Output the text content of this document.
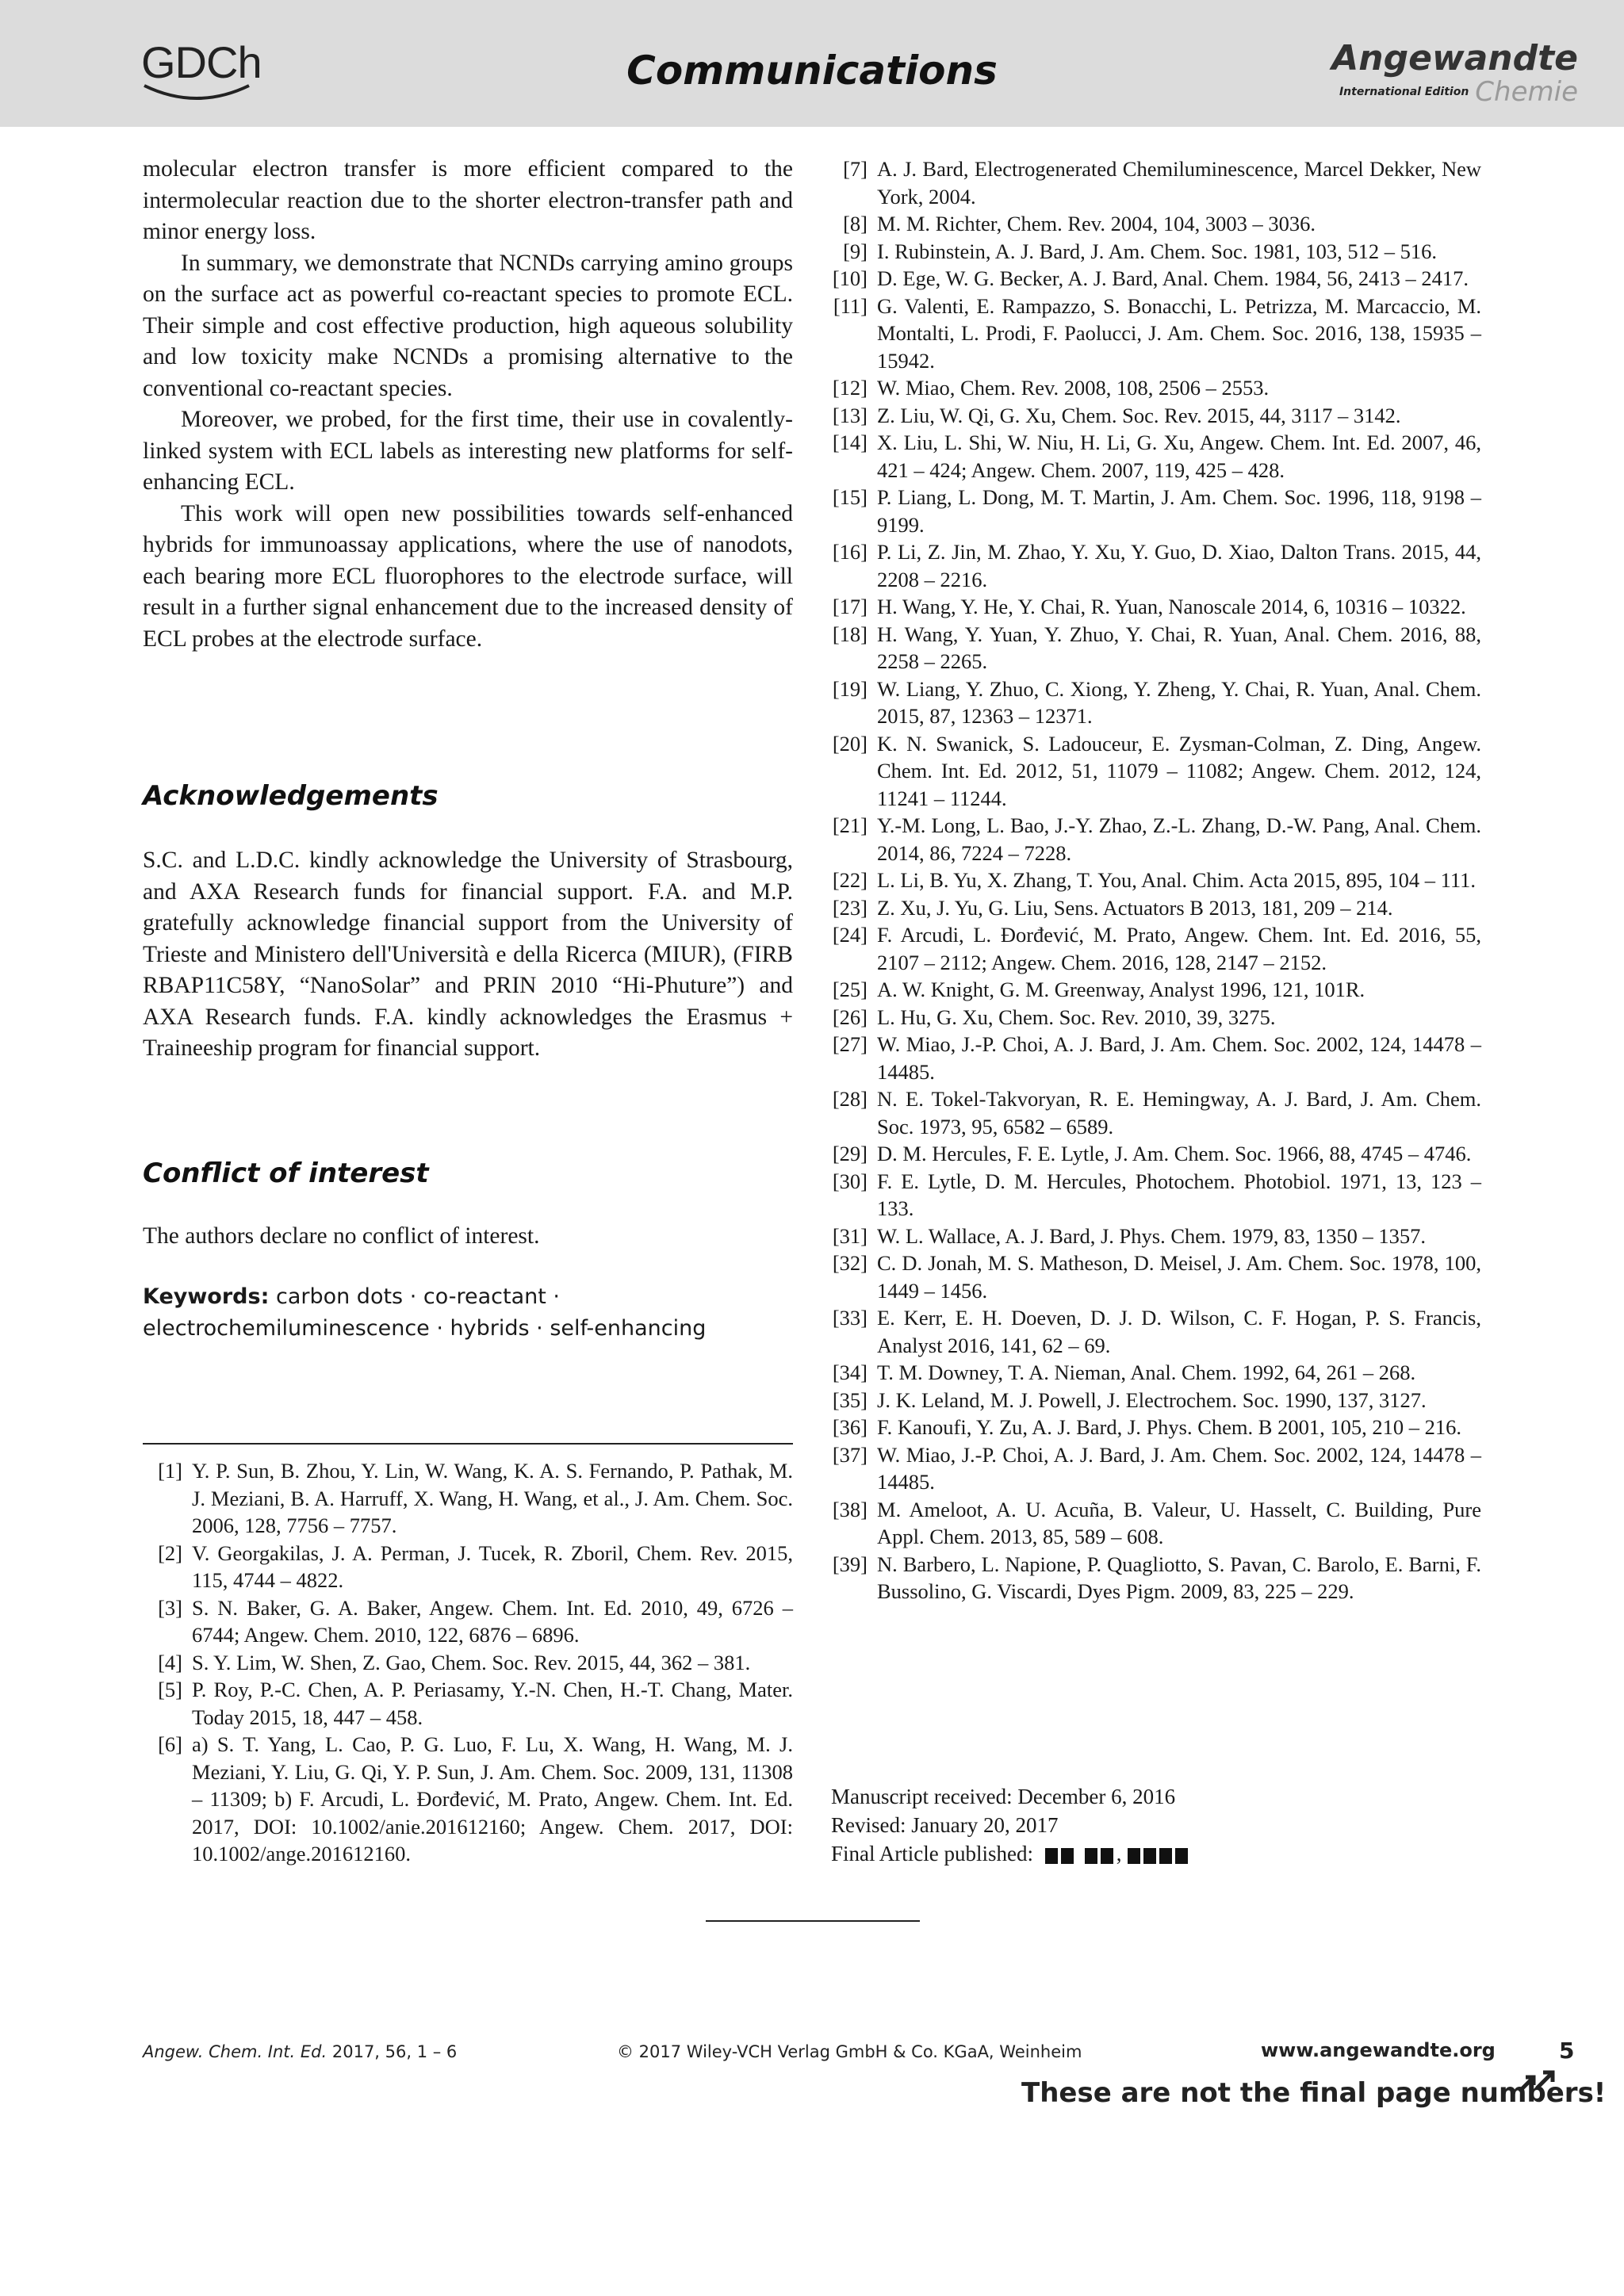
GDCh	Communications	Angewandte
International Edition Chemie

molecular electron transfer is more efficient compared to the intermolecular reaction due to the shorter electron-transfer path and minor energy loss.

In summary, we demonstrate that NCNDs carrying amino groups on the surface act as powerful co-reactant species to promote ECL. Their simple and cost effective production, high aqueous solubility and low toxicity make NCNDs a promising alternative to the conventional co-reactant species.

Moreover, we probed, for the first time, their use in covalently-linked system with ECL labels as interesting new platforms for self-enhancing ECL.

This work will open new possibilities towards self-enhanced hybrids for immunoassay applications, where the use of nanodots, each bearing more ECL fluorophores to the electrode surface, will result in a further signal enhancement due to the increased density of ECL probes at the electrode surface.

Acknowledgements

S.C. and L.D.C. kindly acknowledge the University of Strasbourg, and AXA Research funds for financial support. F.A. and M.P. gratefully acknowledge financial support from the University of Trieste and Ministero dell'Università e della Ricerca (MIUR), (FIRB RBAP11C58Y, “NanoSolar” and PRIN 2010 “Hi-Phuture”) and AXA Research funds. F.A. kindly acknowledges the Erasmus + Traineeship program for financial support.

Conflict of interest

The authors declare no conflict of interest.

Keywords: carbon dots · co-reactant · electrochemiluminescence · hybrids · self-enhancing
[1] Y. P. Sun, B. Zhou, Y. Lin, W. Wang, K. A. S. Fernando, P. Pathak, M. J. Meziani, B. A. Harruff, X. Wang, H. Wang, et al., J. Am. Chem. Soc. 2006, 128, 7756 – 7757.
[2] V. Georgakilas, J. A. Perman, J. Tucek, R. Zboril, Chem. Rev. 2015, 115, 4744 – 4822.
[3] S. N. Baker, G. A. Baker, Angew. Chem. Int. Ed. 2010, 49, 6726 – 6744; Angew. Chem. 2010, 122, 6876 – 6896.
[4] S. Y. Lim, W. Shen, Z. Gao, Chem. Soc. Rev. 2015, 44, 362 – 381.
[5] P. Roy, P.-C. Chen, A. P. Periasamy, Y.-N. Chen, H.-T. Chang, Mater. Today 2015, 18, 447 – 458.
[6] a) S. T. Yang, L. Cao, P. G. Luo, F. Lu, X. Wang, H. Wang, M. J. Meziani, Y. Liu, G. Qi, Y. P. Sun, J. Am. Chem. Soc. 2009, 131, 11308 – 11309; b) F. Arcudi, L. Đorđević, M. Prato, Angew. Chem. Int. Ed. 2017, DOI: 10.1002/anie.201612160; Angew. Chem. 2017, DOI: 10.1002/ange.201612160.
[7] A. J. Bard, Electrogenerated Chemiluminescence, Marcel Dekker, New York, 2004.
[8] M. M. Richter, Chem. Rev. 2004, 104, 3003 – 3036.
[9] I. Rubinstein, A. J. Bard, J. Am. Chem. Soc. 1981, 103, 512 – 516.
[10] D. Ege, W. G. Becker, A. J. Bard, Anal. Chem. 1984, 56, 2413 – 2417.
[11] G. Valenti, E. Rampazzo, S. Bonacchi, L. Petrizza, M. Marcaccio, M. Montalti, L. Prodi, F. Paolucci, J. Am. Chem. Soc. 2016, 138, 15935 – 15942.
[12] W. Miao, Chem. Rev. 2008, 108, 2506 – 2553.
[13] Z. Liu, W. Qi, G. Xu, Chem. Soc. Rev. 2015, 44, 3117 – 3142.
[14] X. Liu, L. Shi, W. Niu, H. Li, G. Xu, Angew. Chem. Int. Ed. 2007, 46, 421 – 424; Angew. Chem. 2007, 119, 425 – 428.
[15] P. Liang, L. Dong, M. T. Martin, J. Am. Chem. Soc. 1996, 118, 9198 – 9199.
[16] P. Li, Z. Jin, M. Zhao, Y. Xu, Y. Guo, D. Xiao, Dalton Trans. 2015, 44, 2208 – 2216.
[17] H. Wang, Y. He, Y. Chai, R. Yuan, Nanoscale 2014, 6, 10316 – 10322.
[18] H. Wang, Y. Yuan, Y. Zhuo, Y. Chai, R. Yuan, Anal. Chem. 2016, 88, 2258 – 2265.
[19] W. Liang, Y. Zhuo, C. Xiong, Y. Zheng, Y. Chai, R. Yuan, Anal. Chem. 2015, 87, 12363 – 12371.
[20] K. N. Swanick, S. Ladouceur, E. Zysman-Colman, Z. Ding, Angew. Chem. Int. Ed. 2012, 51, 11079 – 11082; Angew. Chem. 2012, 124, 11241 – 11244.
[21] Y.-M. Long, L. Bao, J.-Y. Zhao, Z.-L. Zhang, D.-W. Pang, Anal. Chem. 2014, 86, 7224 – 7228.
[22] L. Li, B. Yu, X. Zhang, T. You, Anal. Chim. Acta 2015, 895, 104 – 111.
[23] Z. Xu, J. Yu, G. Liu, Sens. Actuators B 2013, 181, 209 – 214.
[24] F. Arcudi, L. Đorđević, M. Prato, Angew. Chem. Int. Ed. 2016, 55, 2107 – 2112; Angew. Chem. 2016, 128, 2147 – 2152.
[25] A. W. Knight, G. M. Greenway, Analyst 1996, 121, 101R.
[26] L. Hu, G. Xu, Chem. Soc. Rev. 2010, 39, 3275.
[27] W. Miao, J.-P. Choi, A. J. Bard, J. Am. Chem. Soc. 2002, 124, 14478 – 14485.
[28] N. E. Tokel-Takvoryan, R. E. Hemingway, A. J. Bard, J. Am. Chem. Soc. 1973, 95, 6582 – 6589.
[29] D. M. Hercules, F. E. Lytle, J. Am. Chem. Soc. 1966, 88, 4745 – 4746.
[30] F. E. Lytle, D. M. Hercules, Photochem. Photobiol. 1971, 13, 123 – 133.
[31] W. L. Wallace, A. J. Bard, J. Phys. Chem. 1979, 83, 1350 – 1357.
[32] C. D. Jonah, M. S. Matheson, D. Meisel, J. Am. Chem. Soc. 1978, 100, 1449 – 1456.
[33] E. Kerr, E. H. Doeven, D. J. D. Wilson, C. F. Hogan, P. S. Francis, Analyst 2016, 141, 62 – 69.
[34] T. M. Downey, T. A. Nieman, Anal. Chem. 1992, 64, 261 – 268.
[35] J. K. Leland, M. J. Powell, J. Electrochem. Soc. 1990, 137, 3127.
[36] F. Kanoufi, Y. Zu, A. J. Bard, J. Phys. Chem. B 2001, 105, 210 – 216.
[37] W. Miao, J.-P. Choi, A. J. Bard, J. Am. Chem. Soc. 2002, 124, 14478 – 14485.
[38] M. Ameloot, A. U. Acuña, B. Valeur, U. Hasselt, C. Building, Pure Appl. Chem. 2013, 85, 589 – 608.
[39] N. Barbero, L. Napione, P. Quagliotto, S. Pavan, C. Barolo, E. Barni, F. Bussolino, G. Viscardi, Dyes Pigm. 2009, 83, 225 – 229.
Manuscript received: December 6, 2016
Revised: January 20, 2017
Final Article published:	,
Angew. Chem. Int. Ed. 2017, 56, 1 – 6	© 2017 Wiley-VCH Verlag GmbH & Co. KGaA, Weinheim	www.angewandte.org	5
These are not the final page numbers!
